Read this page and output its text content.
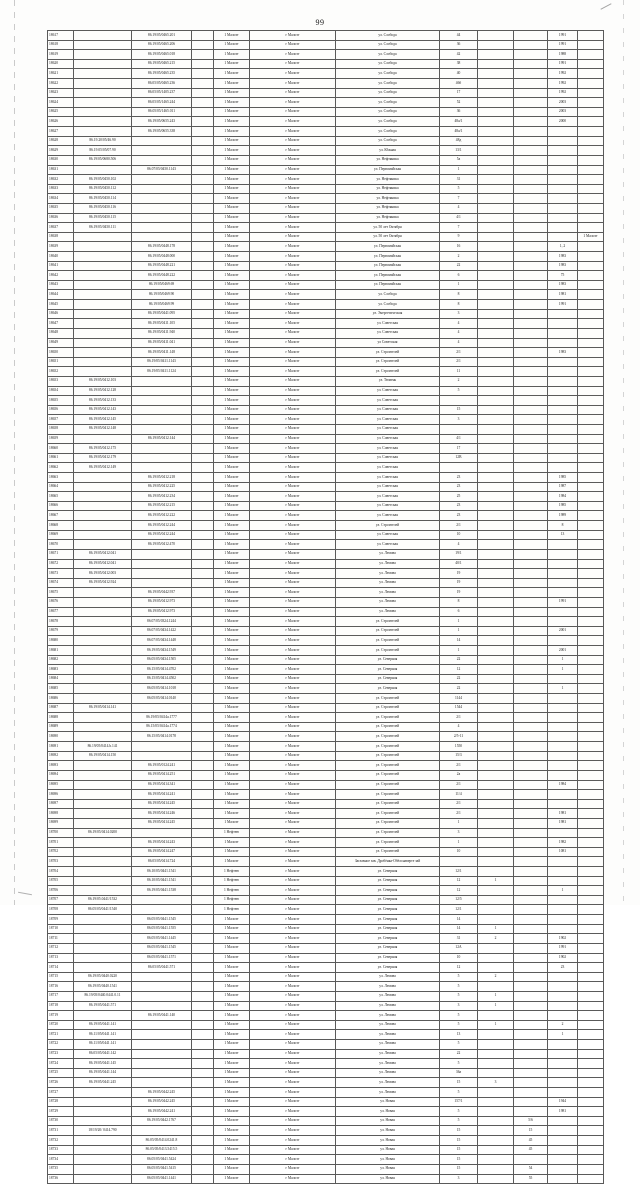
99
18617		86.19/05/0465.201		1 Малоэт	г Малоэт	ул. Слобода	44			1991	
18618		86.19/05/0465.206		1 Малоэт	г Малоэт	ул. Слобода	36			1991	
18619		86.19/05/0465.018		1 Малоэт	г Малоэт	ул. Слобода	42			1988	
18620		86.19/05/0465.215		1 Малоэт	г Малоэт	ул. Слобода	38			1991	
18621		86.19/05/0465.235		1 Малоэт	г Малоэт	ул. Слобода	40			1992	
18622		86.05/05/0465.236		1 Малоэт	г Малоэт	ул. Слобода	46б			1992	
18623		86.05/05/1405.237		1 Малоэт	г Малоэт	ул. Слобода	17			1992	
18624		86.05/05/1465.244		1 Малоэт	г Малоэт	ул. Слобода	52			2003	
18625		86.05/05/1465.011		1 Малоэт	г Малоэт	ул. Слобода	36			2003	
18626		86.19/05/0655.243		1 Малоэт	г Малоэт	ул. Слобода	48а/1			2000	
18627		86.19/05/0655.338		1 Малоэт	г Малоэт	ул. Слобода	48а/1				
18628	86.19.20/05/46.90			1 Малоэт	г Малоэт	ул. Слобода	48д				
18629	86.19.05/05/07.90			1 Малоэт	г Малоэт	ул. Южная	13/1				
18630	86.19/05/0680.506			1 Малоэт	г Малоэт	ул. Нефтяника	5а				
18631		86.07/05/0450.1143		1 Малоэт	г Малоэт	ул. Первомайская	1				
18632	86.19/05/0450.102			1 Малоэт	г Малоэт	ул. Нефтяника	31				
18633	86.19/05/0450.112			1 Малоэт	г Малоэт	ул. Нефтяника	5				
18634	86.19/05/0450.114			1 Малоэт	г Малоэт	ул. Нефтяника	7				
18635	86.19/05/0450.116			1 Малоэт	г Малоэт	ул. Нефтяника	4				
18636	86.19/05/0450.115			1 Малоэт	г Малоэт	ул. Нефтяника	4/1				
18637	86.19/05/0450.111			1 Малоэт	г Малоэт	ул. 50 лет Октября	7				
18638				1 Малоэт	г Малоэт	ул. 50 лет Октября	9				1 Малоэт
18639		86.19/05/0448.178		1 Малоэт	г Малоэт	ул. Первомайская	16			1, 2	
18640		86.19/05/0448.000		1 Малоэт	г Малоэт	ул. Первомайская	2			1983	
18641		86.19/05/0448.221		1 Малоэт	г Малоэт	ул. Первомайская	22			1983	
18642		86.19/05/0448.222		1 Малоэт	г Малоэт	ул. Первомайская	6			75	
18643		86.19/05/0469.69		1 Малоэт	г Малоэт	ул. Первомайская	1			1983	
18644		86.19/05/0469.90		1 Малоэт	г Малоэт	ул. Слобода	8			1981	
18645		86.19/05/0469.99		1 Малоэт	г Малоэт	ул. Слобода	8			1991	
18646		86.19/05/0441.095		1 Малоэт	г Малоэт	ул. Энергетическая	3				
18647		86.19/05/0411.105		1 Малоэт	г Малоэт	ул. Советская	4				
18648		86.19/05/0411.940		1 Малоэт	г Малоэт	ул. Советская	4				
18649		86.19/05/0411.041		1 Малоэт	г Малоэт	ул Советская	4				
18650		86.19/05/0411.148		1 Малоэт	г Малоэт	ул. Строителей	2/1			1983	
18651		86.19/05/0411.1143		1 Малоэт	г Малоэт	ул. Строителей	2/1				
18652		86.19/05/0411.1124		1 Малоэт	г Малоэт	ул. Строителей	11				
18653	86.19/05/0412.103			1 Малоэт	г Малоэт	ул. Тюмень	2				
18654	86.19/05/0412.128			1 Малоэт	г Малоэт	ул. Советская	5				
18655	86.19/05/0412.133			1 Малоэт	г Малоэт	ул. Советская					
18656	86.19/05/0412.143			1 Малоэт	г Малоэт	ул. Советская	15				
18657	86.19/05/0412.145			1 Малоэт	г Малоэт	ул. Советская	3				
18658	86.19/05/0412.148			1 Малоэт	г Малоэт	ул. Советская					
18659		86.19/05/0412.144		1 Малоэт	г Малоэт	ул. Советская	4/1				
18660	86.19/05/0412.175			1 Малоэт	г Малоэт	ул. Советская	17				
18661	86.19/05/0412.179			1 Малоэт	г Малоэт	ул. Советская	12В				
18662	86.19/05/0412.149			1 Малоэт	г Малоэт	ул. Советская					
18663		86.19/05/0412.218		1 Малоэт	г Малоэт	ул. Советская	23			1985	
18664		86.19/05/0412.225		1 Малоэт	г Малоэт	ул. Советская	23			1987	
18665		86.19/05/0412.234		1 Малоэт	г Малоэт	ул. Советская	25			1984	
18666		86.19/05/0412.215		1 Малоэт	г Малоэт	ул. Советская	23			1985	
18667		86.19/05/0412.222		1 Малоэт	г Малоэт	ул. Советская	23			1989	
18668		86.19/05/0412.244		1 Малоэт	г Малоэт	ул. Строителей	2/1			8	
18669		86.19/05/0412.244		1 Малоэт	г Малоэт	ул. Советская	10			13	
18670		86.19/05/0412.470		1 Малоэт	г Малоэт	ул. Советская	4				
18671	86.19/05/0412.041			1 Малоэт	г Малоэт	ул. Лемова	19/1				
18672	86.19/05/0412.041			1 Малоэт	г Малоэт	ул. Лемова	40/1				
18673	86.19/05/0412.003			1 Малоэт	г Малоэт	ул. Лемова	19				
18674	86.19/05/0412.924			1 Малоэт	г Малоэт	ул. Лемова	19				
18675		86.19/05/0442.937		1 Малоэт	г Малоэт	ул. Лемова	19				
18676		86.19/05/0412.973		1 Малоэт	г Малоэт	ул. Лемова	8			1991	
18677		86.19/05/0412.973		1 Малоэт	г Малоэт	ул. Лемова	6				
18678		86.07/05/0324.1244		1 Малоэт	г Малоэт	ул. Строителей	1				
18679		86.07/05/0434.1422		1 Малоэт	г Малоэт	ул. Строителей	1			2001	
18680		86.07/05/0434.1448		1 Малоэт	г Малоэт	ул. Строителей	14				
18681		86.19/05/0434.1549		1 Малоэт	г Малоэт	ул. Строителей	1			2001	
18682		86.05/05/0434.1505		1 Малоэт	г Малоэт	ул. Северная	22			1	
18683		86.15/05/0414.4702		1 Малоэт	г Малоэт	ул. Северная	12			1	
18684		86.15/05/0414.4502		1 Малоэт	г Малоэт	ул. Северная	22				
18685		86.05/05/0414.1018		1 Малоэт	г Малоэт	ул. Северная	22			1	
18686		86.05/05/0414.0140		1 Малоэт	г Малоэт	ул. Строителей	1144				
18687	86.19/05/0414.141			1 Малоэт	г Малоэт	ул. Строителей	1544				
18688		86.19/05/0414a.1777		1 Малоэт	г Малоэт	ул. Строителей	2/1				
18689		86.15/05/0414a.1774		1 Малоэт	г Малоэт	ул. Строителей	4				
18690		86.15/05/0414.0178		1 Малоэт	г Малоэт	ул. Строителей	2/5-11				
18691	86.19/05/0414.b.141			1 Малоэт	г Малоэт	ул. Строителей	1550				
18692	86.19/05/0414.150			1 Малоэт	г Малоэт	ул. Строителей	15/3				
18693		86.19/05/0124.241		1 Малоэт	г Малоэт	ул. Строителей	2/1				
18694		86.19/05/0414.251		1 Малоэт	г Малоэт	ул. Строителей	2a				
18695		86.19/05/0414.341		1 Малоэт	г Малоэт	ул. Строителей	2/1			1984	
18696		86.19/05/0414.241		1 Малоэт	г Малоэт	ул. Строителей	11/4				
18697		86.19/05/0414.245		1 Малоэт	г Малоэт	ул. Строителей	2/1				
18698		86.19/05/0414.246		1 Малоэт	г Малоэт	ул. Строителей	2/1			1981	
18699		86.19/05/0414.245		1 Малоэт	г Малоэт	ул. Строителей	1			1981	
18700	86.19/05/0414.0200			1 Нефтею	г Малоэт	ул. Строителей	3				
18701		86.19/05/0414.243		1 Малоэт	г Малоэт	ул. Строителей	1			1982	
18702		86.19/05/0414.247		1 Малоэт	г Малоэт	ул. Строителей	10			1081	
18703		86.05/05/0414.724		1 Малоэт	г Малоэт	Заглавное зав. Дробёнка-Обёлснаверте зай					
18704		86.10/05/0441.1541		1 Нефтею	г Малоэт	ул. Северная	12/1				
18705		86.10/05/0441.1541		1 Нефтею	г Малоэт	ул. Северная	12	1			
18706		86.19/05/0441.1538		1 Нефтею	г Малоэт	ул. Северная	12			1	
18707	86.19/05.0441/1532			1 Нефтею	г Малоэт	ул. Северная	12/5				
18708	86.05/05/0441/1540			1 Нефтею	г Малоэт	ул. Северная	12/1				
18709		86.05/05/0441.1545		1 Малоэт	г Малоэт	ул. Северная	14				
18710		86.05/05/0441.1555		1 Малоэт	г Малоэт	ул. Северная	14	1			
18711		86.05/05/0441.1445		1 Малоэт	г Малоэт	ул. Северная	31	2		1902	
18712		86.05/05/0441.1545		1 Малоэт	г Малоэт	ул. Северная	12А			1991	
18713		86.05/05/0441.1571		1 Малоэт	г Малоэт	ул. Северная	10			1902	
18714		86.05/05/0441.571		1 Малоэт	г Малоэт	ул. Северная	12			23	
18715	86.19/05/0440.0220			1 Малоэт	г Малоэт	ул. Лемова	5	2			
18716	86.19/05/0440.1541			1 Малоэт	г Малоэт	ул. Лемова	5				
18717	86.19/05/0440.0441.0.11			1 Малоэт	г Малоэт	ул. Лемова	5	1			
18718	86.19/05/0441.571			1 Малоэт	г Малоэт	ул. Лемова	3	1			
18719		86.19/05/0441.140		1 Малоэт	г Малоэт	ул. Лемова	5				
18720	86.19/05/0441.141			1 Малоэт	г Малоэт	ул. Лемова	5	1		2	
18721	86.11/05/0441.141			1 Малоэт	г Малоэт	ул. Лемова	13			1	
18722	86.11/05/0441.141			1 Малоэт	г Малоэт	ул. Лемова	5				
18723	86.05/05/0441.142			1 Малоэт	г Малоэт	ул. Лемова	22				
18724	86.19/05/0441.145			1 Малоэт	г Малоэт	ул. Лемова	5				
18725	86.19/05/0441.144			1 Малоэт	г Малоэт	ул. Лемова	36а				
18726	86.19/05/0441.245			1 Малоэт	г Малоэт	ул. Лемова	15	3			
18727		86.19/05/0442.245		1 Малоэт	г Малоэт	ул. Лемова	5				
18728		86.19/05/0442.245		1 Малоэт	г Малоэт	ул. Новая	157/1			1944	
18729		86.19/05/0442.241		1 Малоэт	г Малоэт	ул. Новая	5			1981	
18730		86.19/05/0442.1767		1 Малоэт	г Малоэт	ул. Новая	5		5/6		
18731	18/19/20/ 0414.790			1 Малоэт	г Малоэт	ул. Новая	15		15		
18732		86.05/05/0414.0241.8		1 Малоэт	г Малоэт	ул. Новая	15		45		
18733		86.05/05/0413.5415.5		1 Малоэт	г Малоэт	ул. Новая	15		45		
18734		86.05/05/0441.5424		1 Малоэт	г Малоэт	ул. Новая	15				
18735		86.05/05/0441.5415		1 Малоэт	г Малоэт	ул. Новая	15		54		
18736		86.05/05/0441.1441		1 Малоэт	г Малоэт	ул. Новая	3		55		
